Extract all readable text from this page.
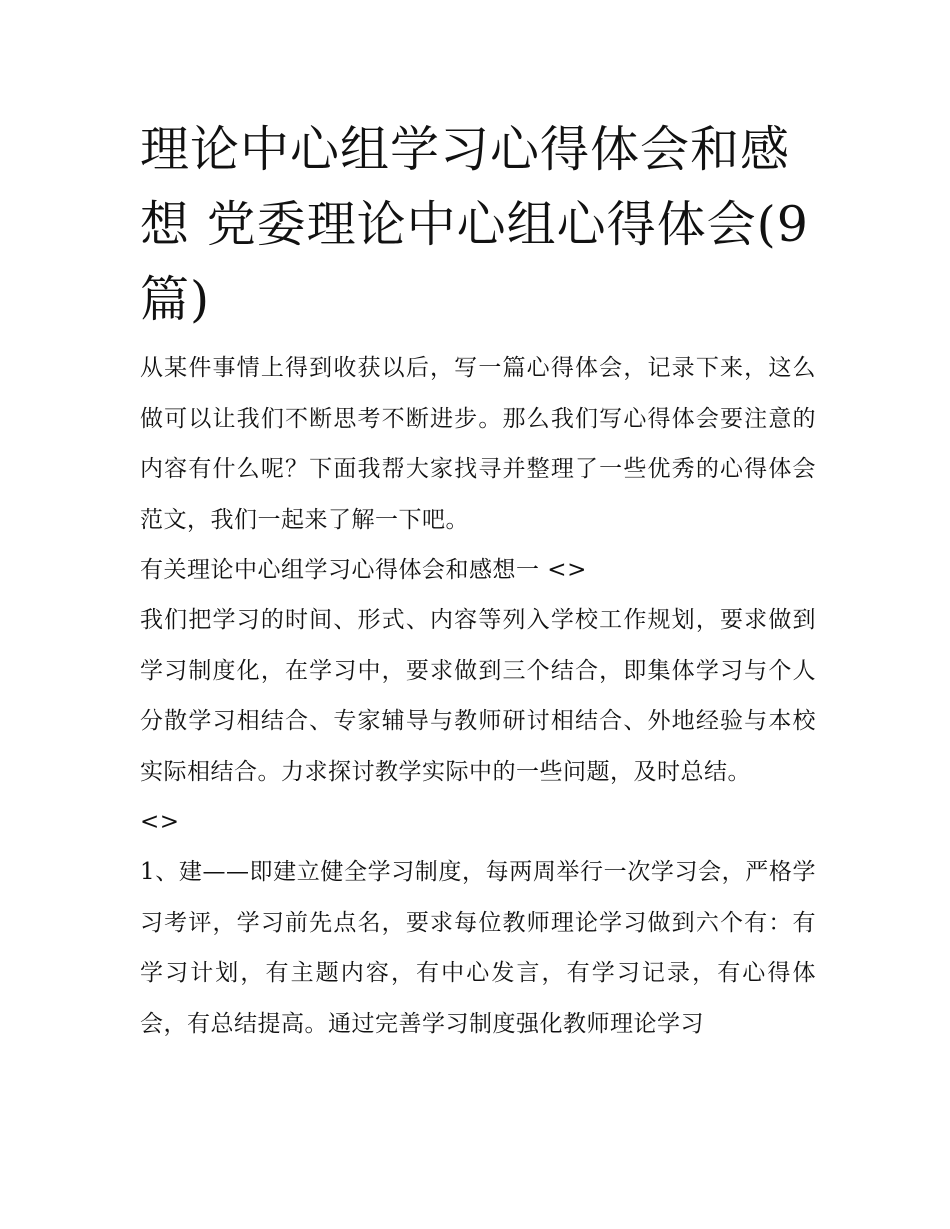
理论中心组学习心得体会和感想 党委理论中心组心得体会(9篇)

从某件事情上得到收获以后，写一篇心得体会，记录下来，这么做可以让我们不断思考不断进步。那么我们写心得体会要注意的内容有什么呢？下面我帮大家找寻并整理了一些优秀的心得体会范文，我们一起来了解一下吧。

有关理论中心组学习心得体会和感想一 <>

我们把学习的时间、形式、内容等列入学校工作规划，要求做到学习制度化，在学习中，要求做到三个结合，即集体学习与个人分散学习相结合、专家辅导与教师研讨相结合、外地经验与本校实际相结合。力求探讨教学实际中的一些问题，及时总结。

<>

1、建——即建立健全学习制度，每两周举行一次学习会，严格学习考评，学习前先点名，要求每位教师理论学习做到六个有：有学习计划，有主题内容，有中心发言，有学习记录，有心得体会，有总结提高。通过完善学习制度强化教师理论学习
